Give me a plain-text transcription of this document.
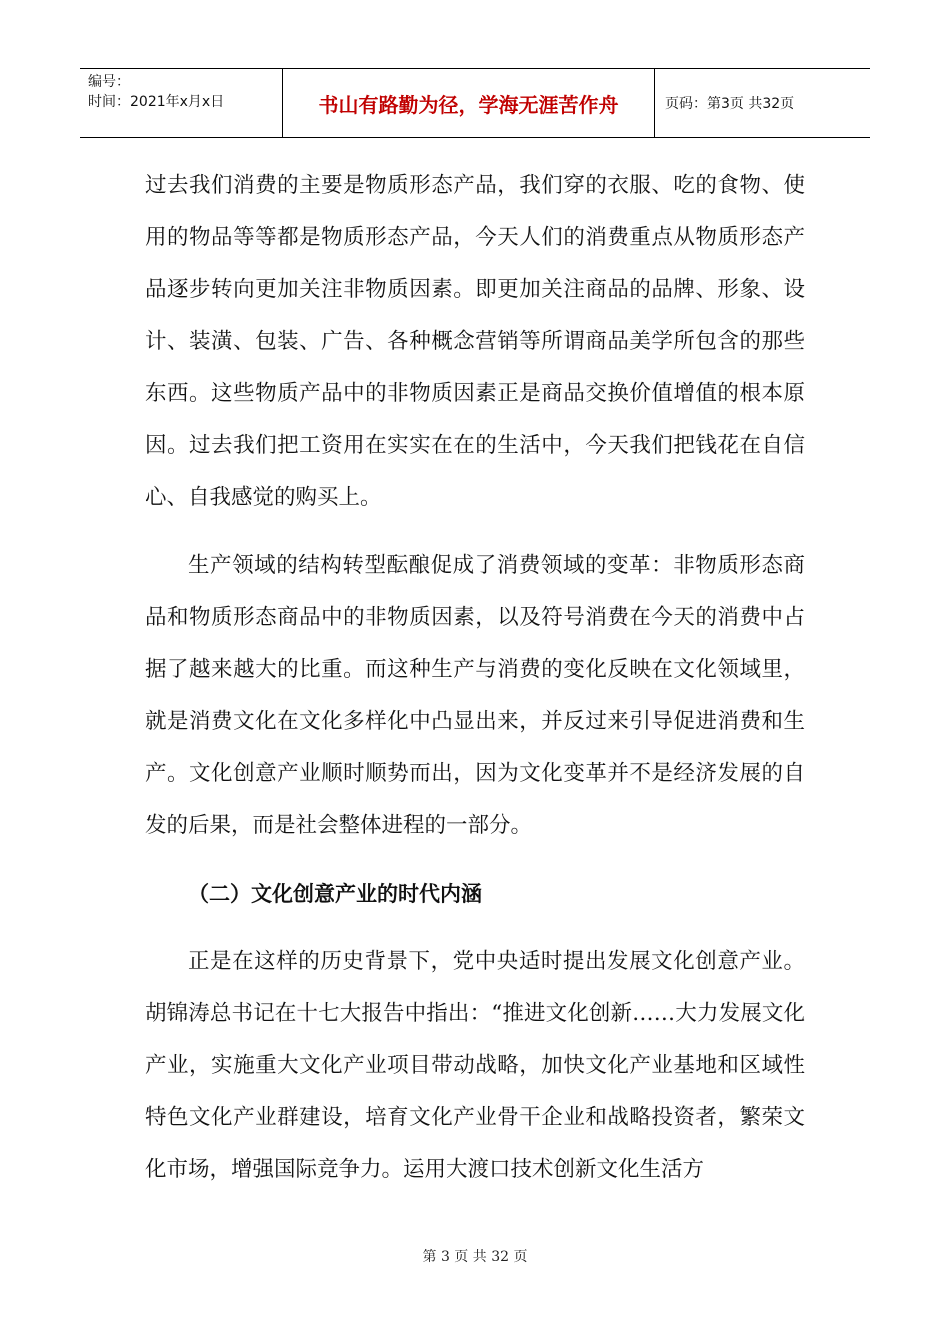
编号：
时间：2021年x月x日	书山有路勤为径，学海无涯苦作舟	页码：第3页 共32页

过去我们消费的主要是物质形态产品，我们穿的衣服、吃的食物、使用的物品等等都是物质形态产品，今天人们的消费重点从物质形态产品逐步转向更加关注非物质因素。即更加关注商品的品牌、形象、设计、装潢、包装、广告、各种概念营销等所谓商品美学所包含的那些东西。这些物质产品中的非物质因素正是商品交换价值增值的根本原因。过去我们把工资用在实实在在的生活中，今天我们把钱花在自信心、自我感觉的购买上。

生产领域的结构转型酝酿促成了消费领域的变革：非物质形态商品和物质形态商品中的非物质因素，以及符号消费在今天的消费中占据了越来越大的比重。而这种生产与消费的变化反映在文化领域里，就是消费文化在文化多样化中凸显出来，并反过来引导促进消费和生产。文化创意产业顺时顺势而出，因为文化变革并不是经济发展的自发的后果，而是社会整体进程的一部分。

（二）文化创意产业的时代内涵

正是在这样的历史背景下，党中央适时提出发展文化创意产业。胡锦涛总书记在十七大报告中指出：“推进文化创新……大力发展文化产业，实施重大文化产业项目带动战略，加快文化产业基地和区域性特色文化产业群建设，培育文化产业骨干企业和战略投资者，繁荣文化市场，增强国际竞争力。运用大渡口技术创新文化生活方

第 3 页 共 32 页
